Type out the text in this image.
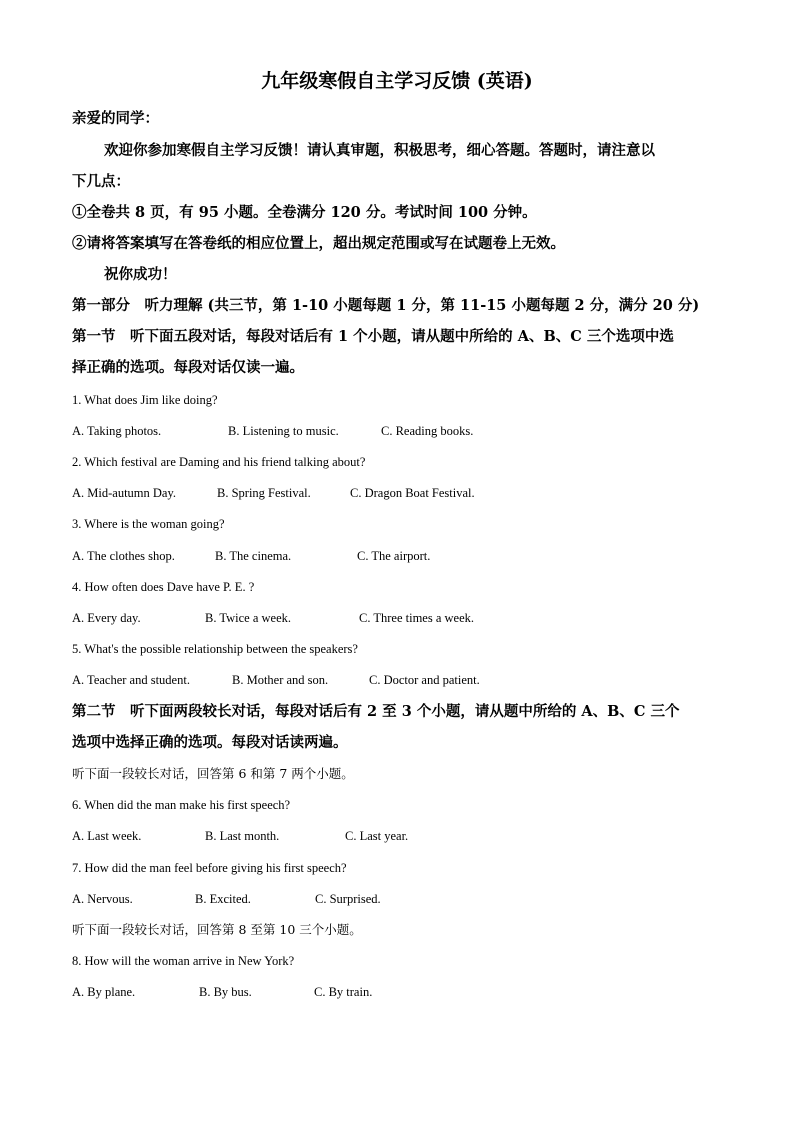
九年级寒假自主学习反馈 (英语)
亲爱的同学：
欢迎你参加寒假自主学习反馈！请认真审题，积极思考，细心答题。答题时，请注意以
下几点：
①全卷共 8 页，有 95 小题。全卷满分 120 分。考试时间 100 分钟。
②请将答案填写在答卷纸的相应位置上，超出规定范围或写在试题卷上无效。
祝你成功！
第一部分　听力理解 (共三节，第 1-10 小题每题 1 分，第 11-15 小题每题 2 分，满分 20 分)
第一节　听下面五段对话，每段对话后有 1 个小题，请从题中所给的 A、B、C 三个选项中选
择正确的选项。每段对话仅读一遍。
1. What does Jim like doing?
A. Taking photos.	B. Listening to music.	C. Reading books.
2. Which festival are Daming and his friend talking about?
A. Mid-autumn Day.	B. Spring Festival.	C. Dragon Boat Festival.
3. Where is the woman going?
A. The clothes shop.	B. The cinema.	C. The airport.
4. How often does Dave have P. E. ?
A. Every day.	B. Twice a week.	C. Three times a week.
5. What's the possible relationship between the speakers?
A. Teacher and student.	B. Mother and son.	C. Doctor and patient.
第二节　听下面两段较长对话，每段对话后有 2 至 3 个小题，请从题中所给的 A、B、C 三个
选项中选择正确的选项。每段对话读两遍。
听下面一段较长对话，回答第 6 和第 7 两个小题。
6. When did the man make his first speech?
A. Last week.	B. Last month.	C. Last year.
7. How did the man feel before giving his first speech?
A. Nervous.	B. Excited.	C. Surprised.
听下面一段较长对话，回答第 8 至第 10 三个小题。
8. How will the woman arrive in New York?
A. By plane.	B. By bus.	C. By train.
